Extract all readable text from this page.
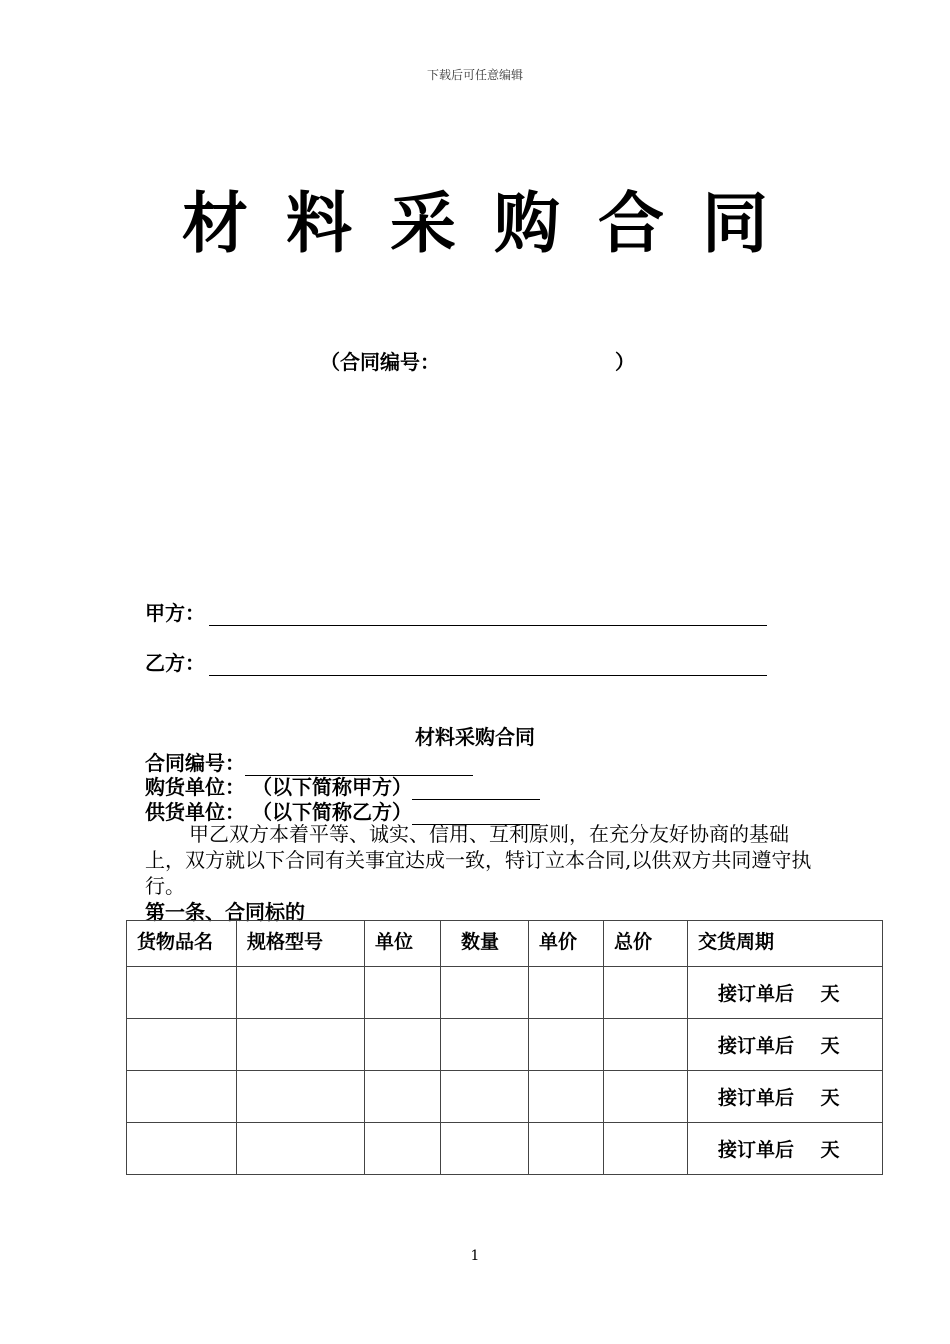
下载后可任意编辑
材料采购合同
（合同编号：	）
甲方：
乙方：
材料采购合同
合同编号：
购货单位： （以下简称甲方）
供货单位： （以下简称乙方）
甲乙双方本着平等、诚实、信用、互利原则，在充分友好协商的基础上，双方就以下合同有关事宜达成一致，特订立本合同,以供双方共同遵守执行。
第一条、合同标的
货物品名	规格型号	单位	数量	单价	总价	交货周期
						接订单后    天
						接订单后    天
						接订单后    天
						接订单后    天
1
